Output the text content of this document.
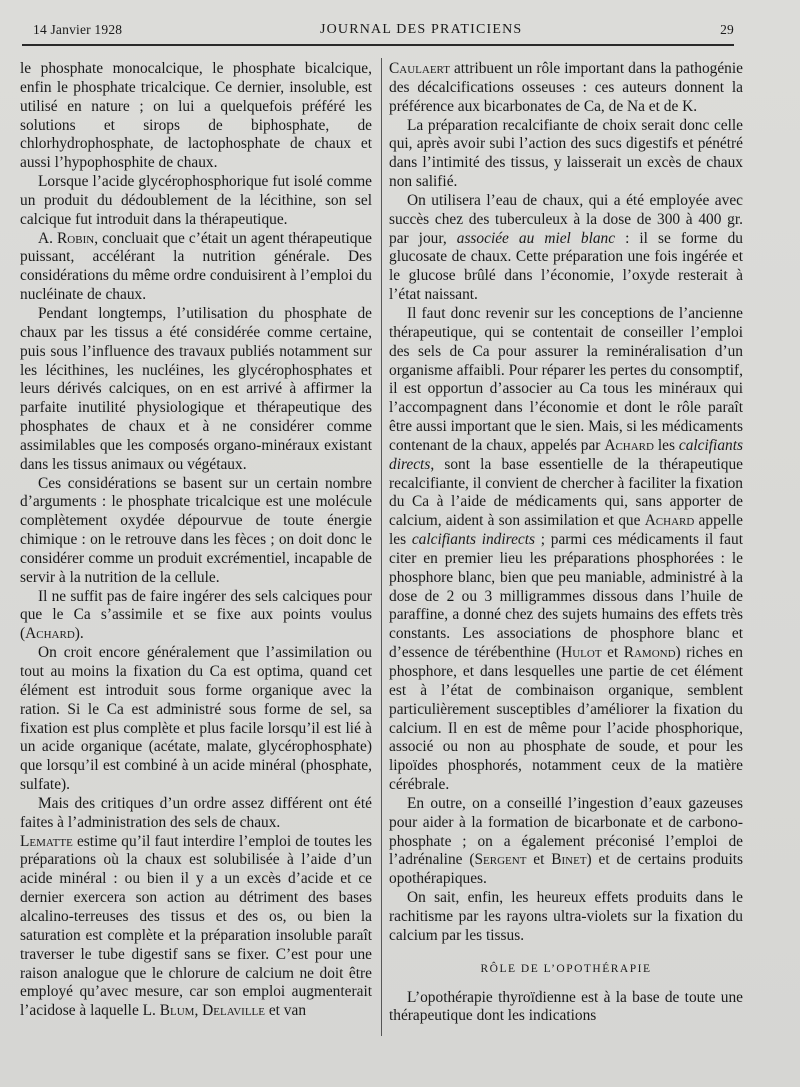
14 Janvier 1928	JOURNAL DES PRATICIENS	29

le phosphate monocalcique, le phosphate bicalcique, enfin le phosphate tricalcique. Ce dernier, insoluble, est utilisé en nature ; on lui a quelquefois préféré les solutions et sirops de biphosphate, de chlorhydrophosphate, de lactophosphate de chaux et aussi l’hypophosphite de chaux.

Lorsque l’acide glycérophosphorique fut isolé comme un produit du dédoublement de la lécithine, son sel calcique fut introduit dans la thérapeutique.

A. Robin, concluait que c’était un agent thérapeutique puissant, accélérant la nutrition générale. Des considérations du même ordre conduisirent à l’emploi du nucléinate de chaux.

Pendant longtemps, l’utilisation du phosphate de chaux par les tissus a été considérée comme certaine, puis sous l’influence des travaux publiés notamment sur les lécithines, les nucléines, les glycérophosphates et leurs dérivés calciques, on en est arrivé à affirmer la parfaite inutilité physiologique et thérapeutique des phosphates de chaux et à ne considérer comme assimilables que les composés organo-minéraux existant dans les tissus animaux ou végétaux.

Ces considérations se basent sur un certain nombre d’arguments : le phosphate tricalcique est une molécule complètement oxydée dépourvue de toute énergie chimique : on le retrouve dans les fèces ; on doit donc le considérer comme un produit excrémentiel, incapable de servir à la nutrition de la cellule.

Il ne suffit pas de faire ingérer des sels calciques pour que le Ca s’assimile et se fixe aux points voulus (Achard).

On croit encore généralement que l’assimilation ou tout au moins la fixation du Ca est optima, quand cet élément est introduit sous forme organique avec la ration. Si le Ca est administré sous forme de sel, sa fixation est plus complète et plus facile lorsqu’il est lié à un acide organique (acétate, malate, glycérophosphate) que lorsqu’il est combiné à un acide minéral (phosphate, sulfate).

Mais des critiques d’un ordre assez différent ont été faites à l’administration des sels de chaux.

Lematte estime qu’il faut interdire l’emploi de toutes les préparations où la chaux est solubilisée à l’aide d’un acide minéral : ou bien il y a un excès d’acide et ce dernier exercera son action au détriment des bases alcalino-terreuses des tissus et des os, ou bien la saturation est complète et la préparation insoluble paraît traverser le tube digestif sans se fixer. C’est pour une raison analogue que le chlorure de calcium ne doit être employé qu’avec mesure, car son emploi augmenterait l’acidose à laquelle L. Blum, Delaville et van

Caulaert attribuent un rôle important dans la pathogénie des décalcifications osseuses : ces auteurs donnent la préférence aux bicarbonates de Ca, de Na et de K.

La préparation recalcifiante de choix serait donc celle qui, après avoir subi l’action des sucs digestifs et pénétré dans l’intimité des tissus, y laisserait un excès de chaux non salifié.

On utilisera l’eau de chaux, qui a été employée avec succès chez des tuberculeux à la dose de 300 à 400 gr. par jour, associée au miel blanc : il se forme du glucosate de chaux. Cette préparation une fois ingérée et le glucose brûlé dans l’économie, l’oxyde resterait à l’état naissant.

Il faut donc revenir sur les conceptions de l’ancienne thérapeutique, qui se contentait de conseiller l’emploi des sels de Ca pour assurer la reminéralisation d’un organisme affaibli. Pour réparer les pertes du consomptif, il est opportun d’associer au Ca tous les minéraux qui l’accompagnent dans l’économie et dont le rôle paraît être aussi important que le sien. Mais, si les médicaments contenant de la chaux, appelés par Achard les calcifiants directs, sont la base essentielle de la thérapeutique recalcifiante, il convient de chercher à faciliter la fixation du Ca à l’aide de médicaments qui, sans apporter de calcium, aident à son assimilation et que Achard appelle les calcifiants indirects ; parmi ces médicaments il faut citer en premier lieu les préparations phosphorées : le phosphore blanc, bien que peu maniable, administré à la dose de 2 ou 3 milligrammes dissous dans l’huile de paraffine, a donné chez des sujets humains des effets très constants. Les associations de phosphore blanc et d’essence de térébenthine (Hulot et Ramond) riches en phosphore, et dans lesquelles une partie de cet élément est à l’état de combinaison organique, semblent particulièrement susceptibles d’améliorer la fixation du calcium. Il en est de même pour l’acide phosphorique, associé ou non au phosphate de soude, et pour les lipoïdes phosphorés, notamment ceux de la matière cérébrale.

En outre, on a conseillé l’ingestion d’eaux gazeuses pour aider à la formation de bicarbonate et de carbono-phosphate ; on a également préconisé l’emploi de l’adrénaline (Sergent et Binet) et de certains produits opothérapiques.

On sait, enfin, les heureux effets produits dans le rachitisme par les rayons ultra-violets sur la fixation du calcium par les tissus.

RÔLE DE L’OPOTHÉRAPIE

L’opothérapie thyroïdienne est à la base de toute une thérapeutique dont les indications
